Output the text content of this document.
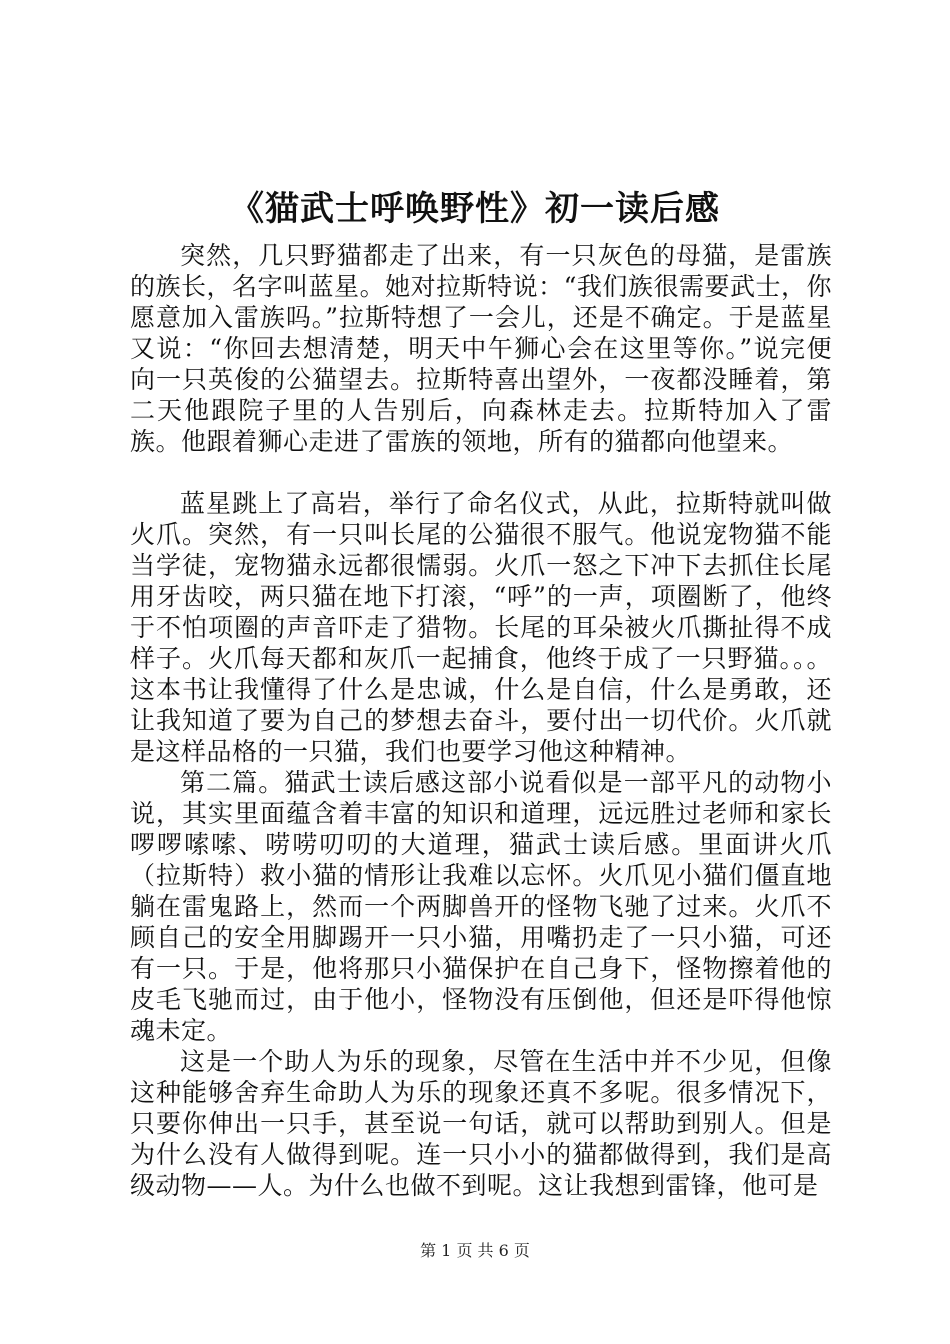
《猫武士呼唤野性》初一读后感

突然，几只野猫都走了出来，有一只灰色的母猫，是雷族的族长，名字叫蓝星。她对拉斯特说：“我们族很需要武士，你愿意加入雷族吗。”拉斯特想了一会儿，还是不确定。于是蓝星又说：“你回去想清楚，明天中午狮心会在这里等你。”说完便向一只英俊的公猫望去。拉斯特喜出望外，一夜都没睡着，第二天他跟院子里的人告别后，向森林走去。拉斯特加入了雷族。他跟着狮心走进了雷族的领地，所有的猫都向他望来。

蓝星跳上了高岩，举行了命名仪式，从此，拉斯特就叫做火爪。突然，有一只叫长尾的公猫很不服气。他说宠物猫不能当学徒，宠物猫永远都很懦弱。火爪一怒之下冲下去抓住长尾用牙齿咬，两只猫在地下打滚，“呼”的一声，项圈断了，他终于不怕项圈的声音吓走了猎物。长尾的耳朵被火爪撕扯得不成样子。火爪每天都和灰爪一起捕食，他终于成了一只野猫。。。这本书让我懂得了什么是忠诚，什么是自信，什么是勇敢，还让我知道了要为自己的梦想去奋斗，要付出一切代价。火爪就是这样品格的一只猫，我们也要学习他这种精神。

第二篇。猫武士读后感这部小说看似是一部平凡的动物小说，其实里面蕴含着丰富的知识和道理，远远胜过老师和家长啰啰嗦嗦、唠唠叨叨的大道理，猫武士读后感。里面讲火爪（拉斯特）救小猫的情形让我难以忘怀。火爪见小猫们僵直地躺在雷鬼路上，然而一个两脚兽开的怪物飞驰了过来。火爪不顾自己的安全用脚踢开一只小猫，用嘴扔走了一只小猫，可还有一只。于是，他将那只小猫保护在自己身下，怪物擦着他的皮毛飞驰而过，由于他小，怪物没有压倒他，但还是吓得他惊魂未定。

这是一个助人为乐的现象，尽管在生活中并不少见，但像这种能够舍弃生命助人为乐的现象还真不多呢。很多情况下，只要你伸出一只手，甚至说一句话，就可以帮助到别人。但是为什么没有人做得到呢。连一只小小的猫都做得到，我们是高级动物——人。为什么也做不到呢。这让我想到雷锋，他可是

第 1 页 共 6 页
